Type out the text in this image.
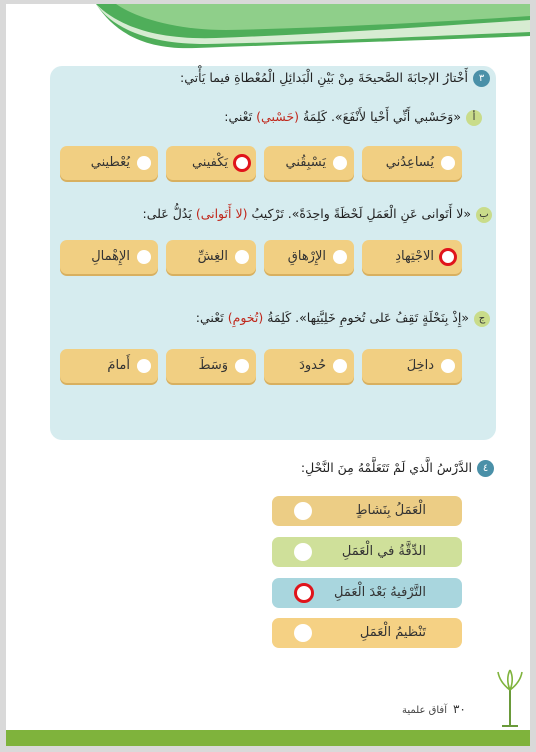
٣أَخْتارُ الإجابَةَ الصَّحيحَةَ مِنْ بَيْنِ الْبَدائِلِ الْمُعْطاةِ فيما يَأْتي:
أ«وَحَسْبي أَنِّي أَحْيا لأَنْفَعَ». كَلِمَةُ (حَسْبي) تَعْني:
يُساعِدُني
يَسْبِقُني
يَكْفيني
يُعْطيني
ب«لا أَتَوانى عَنِ الْعَمَلِ لَحْظَةً واحِدَةً». تَرْكيبُ (لا أَتَوانى) يَدُلُّ عَلى:
الاجْتِهادِ
الإِرْهاقِ
الغِشِّ
الإِهْمالِ
ج«إِذْ بِنَحْلَةٍ تَقِفُ عَلى تُخومِ خَلِيَّتِها». كَلِمَةُ (تُخومِ) تَعْني:
داخِلَ
حُدودَ
وَسَطَ
أَمامَ
٤الدَّرْسُ الَّذي لَمْ تَتَعَلَّمْهُ مِنَ النَّحْلِ:
الْعَمَلُ بِنَشاطٍ
الدِّقَّةُ في الْعَمَلِ
التَّرْفيهُ بَعْدَ الْعَمَلِ
تَنْظيمُ الْعَمَلِ
٣٠آفاق علمية
